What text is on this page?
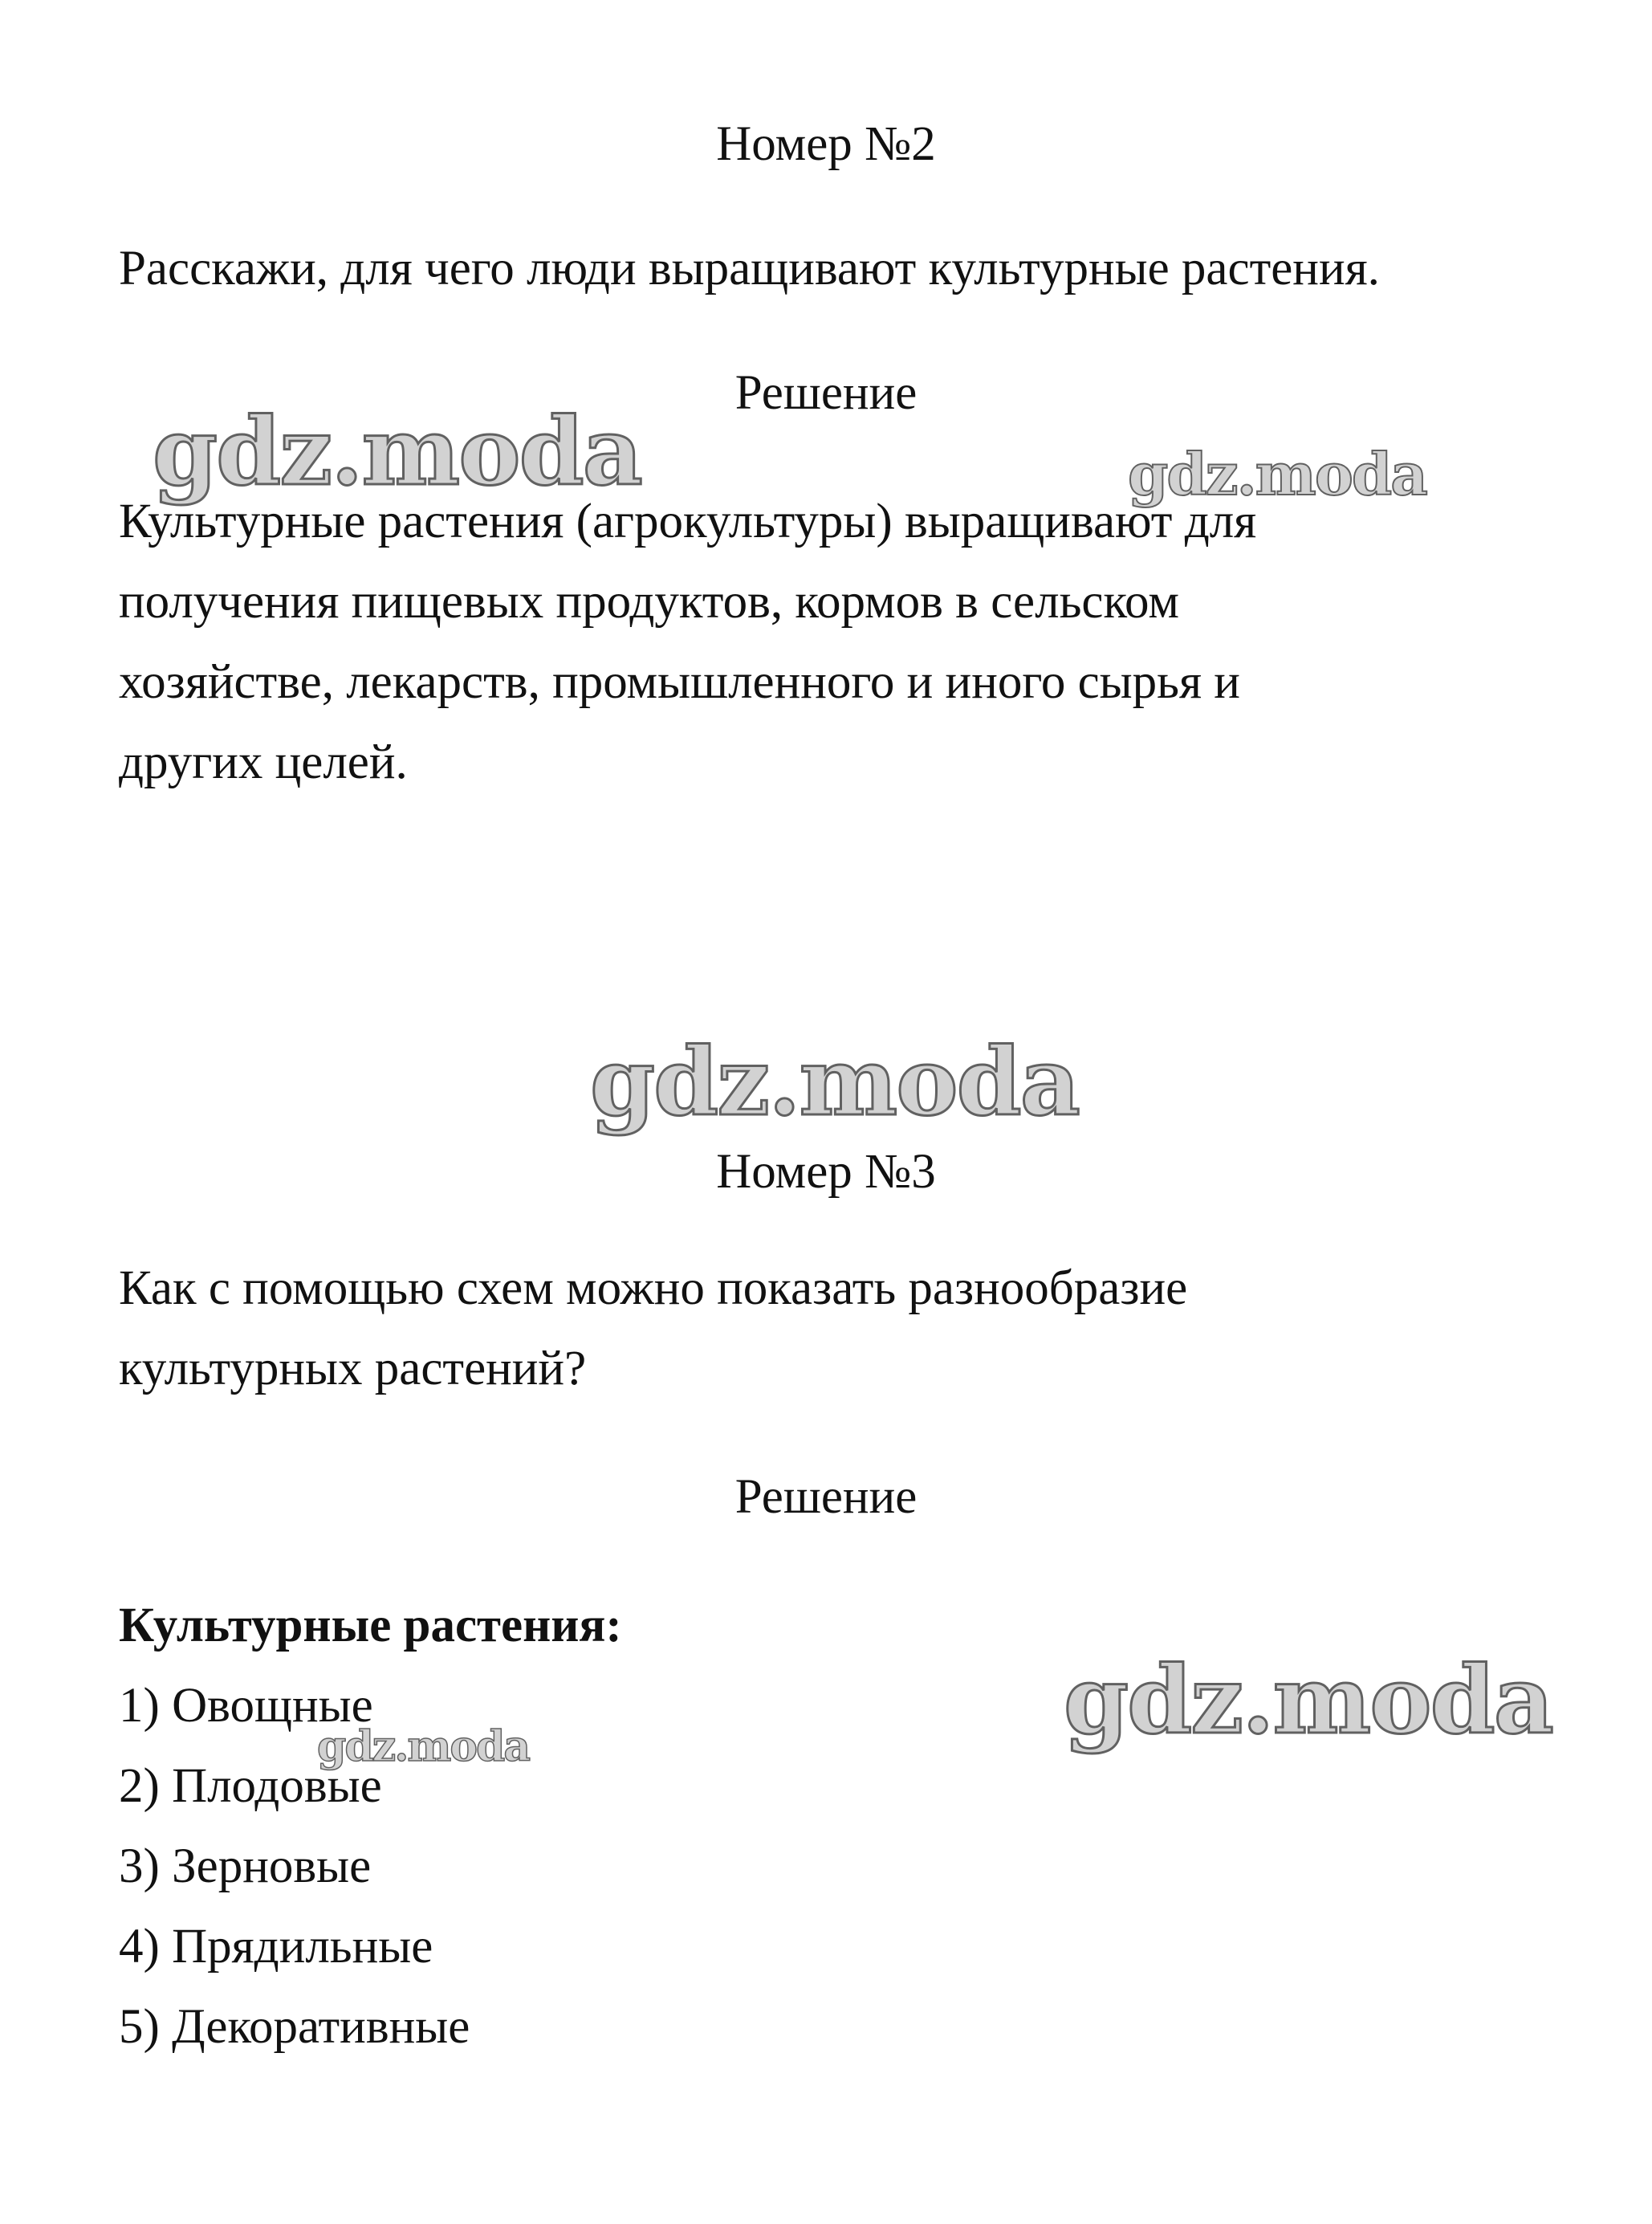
Номер №2

Расскажи, для чего люди выращивают культурные растения.

Решение

Культурные растения (агрокультуры) выращивают для

получения пищевых продуктов, кормов в сельском

хозяйстве, лекарств, промышленного и иного сырья и

других целей.

Номер №3

Как с помощью схем можно показать разнообразие

культурных растений?

Решение

Культурные растения:

1) Овощные
2) Плодовые
3) Зерновые
4) Прядильные
5) Декоративные
gdz.moda	gdz.moda
gdz.moda
gdz.moda
gdz.moda
